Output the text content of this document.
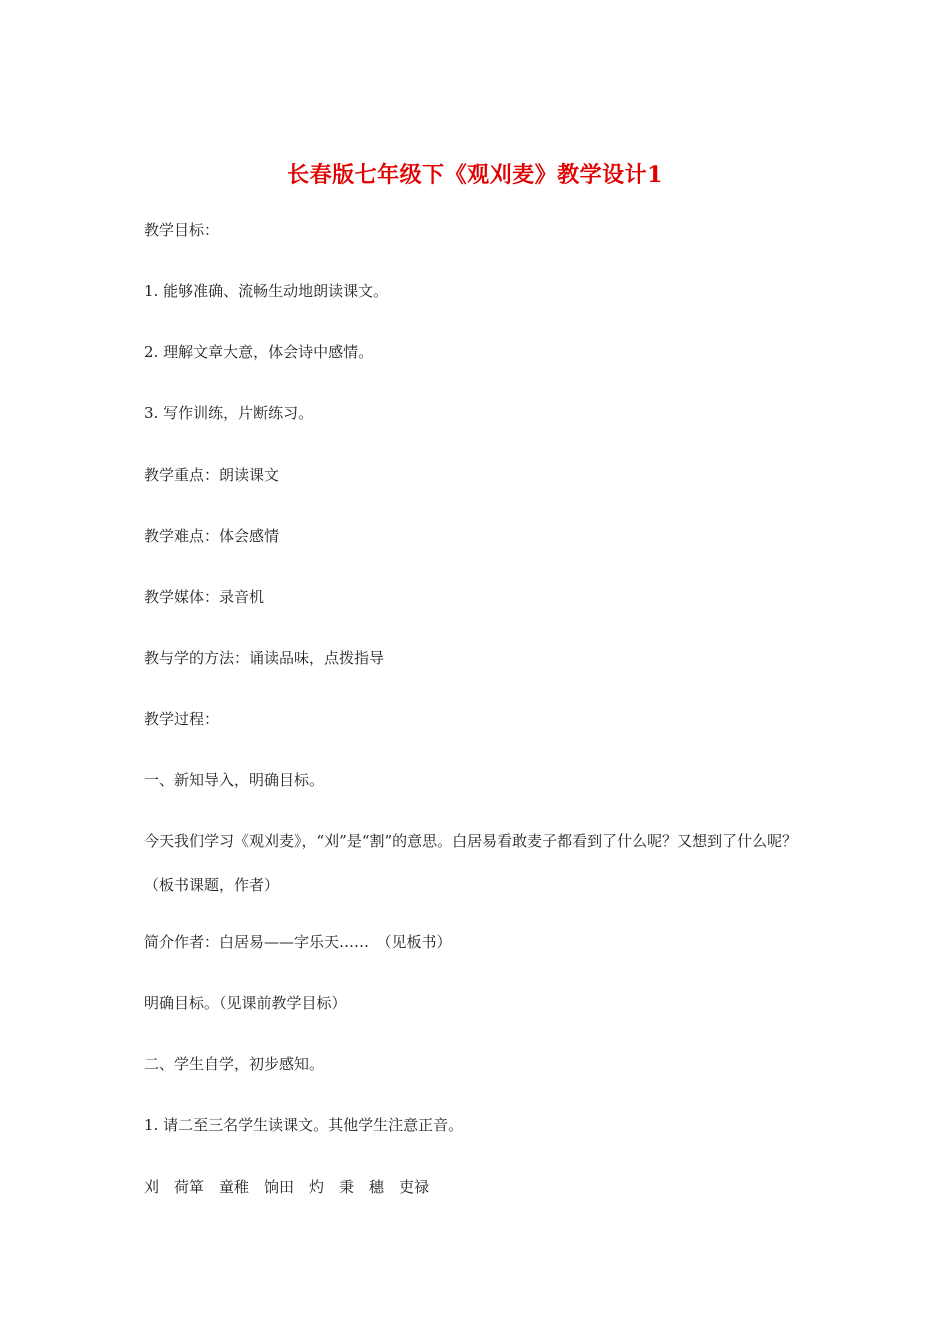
长春版七年级下《观刈麦》教学设计1
教学目标：
1. 能够准确、流畅生动地朗读课文。
2. 理解文章大意，体会诗中感情。
3. 写作训练，片断练习。
教学重点：朗读课文
教学难点：体会感情
教学媒体：录音机
教与学的方法：诵读品味，点拨指导
教学过程：
一、新知导入，明确目标。
今天我们学习《观刈麦》，“刈”是“割”的意思。白居易看敢麦子都看到了什么呢？又想到了什么呢？（板书课题，作者）
简介作者：白居易——字乐天……　（见板书）
明确目标。（见课前教学目标）
二、学生自学，初步感知。
1. 请二至三名学生读课文。其他学生注意正音。
刈　荷箪　童稚　饷田　灼　秉　穗　吏禄
